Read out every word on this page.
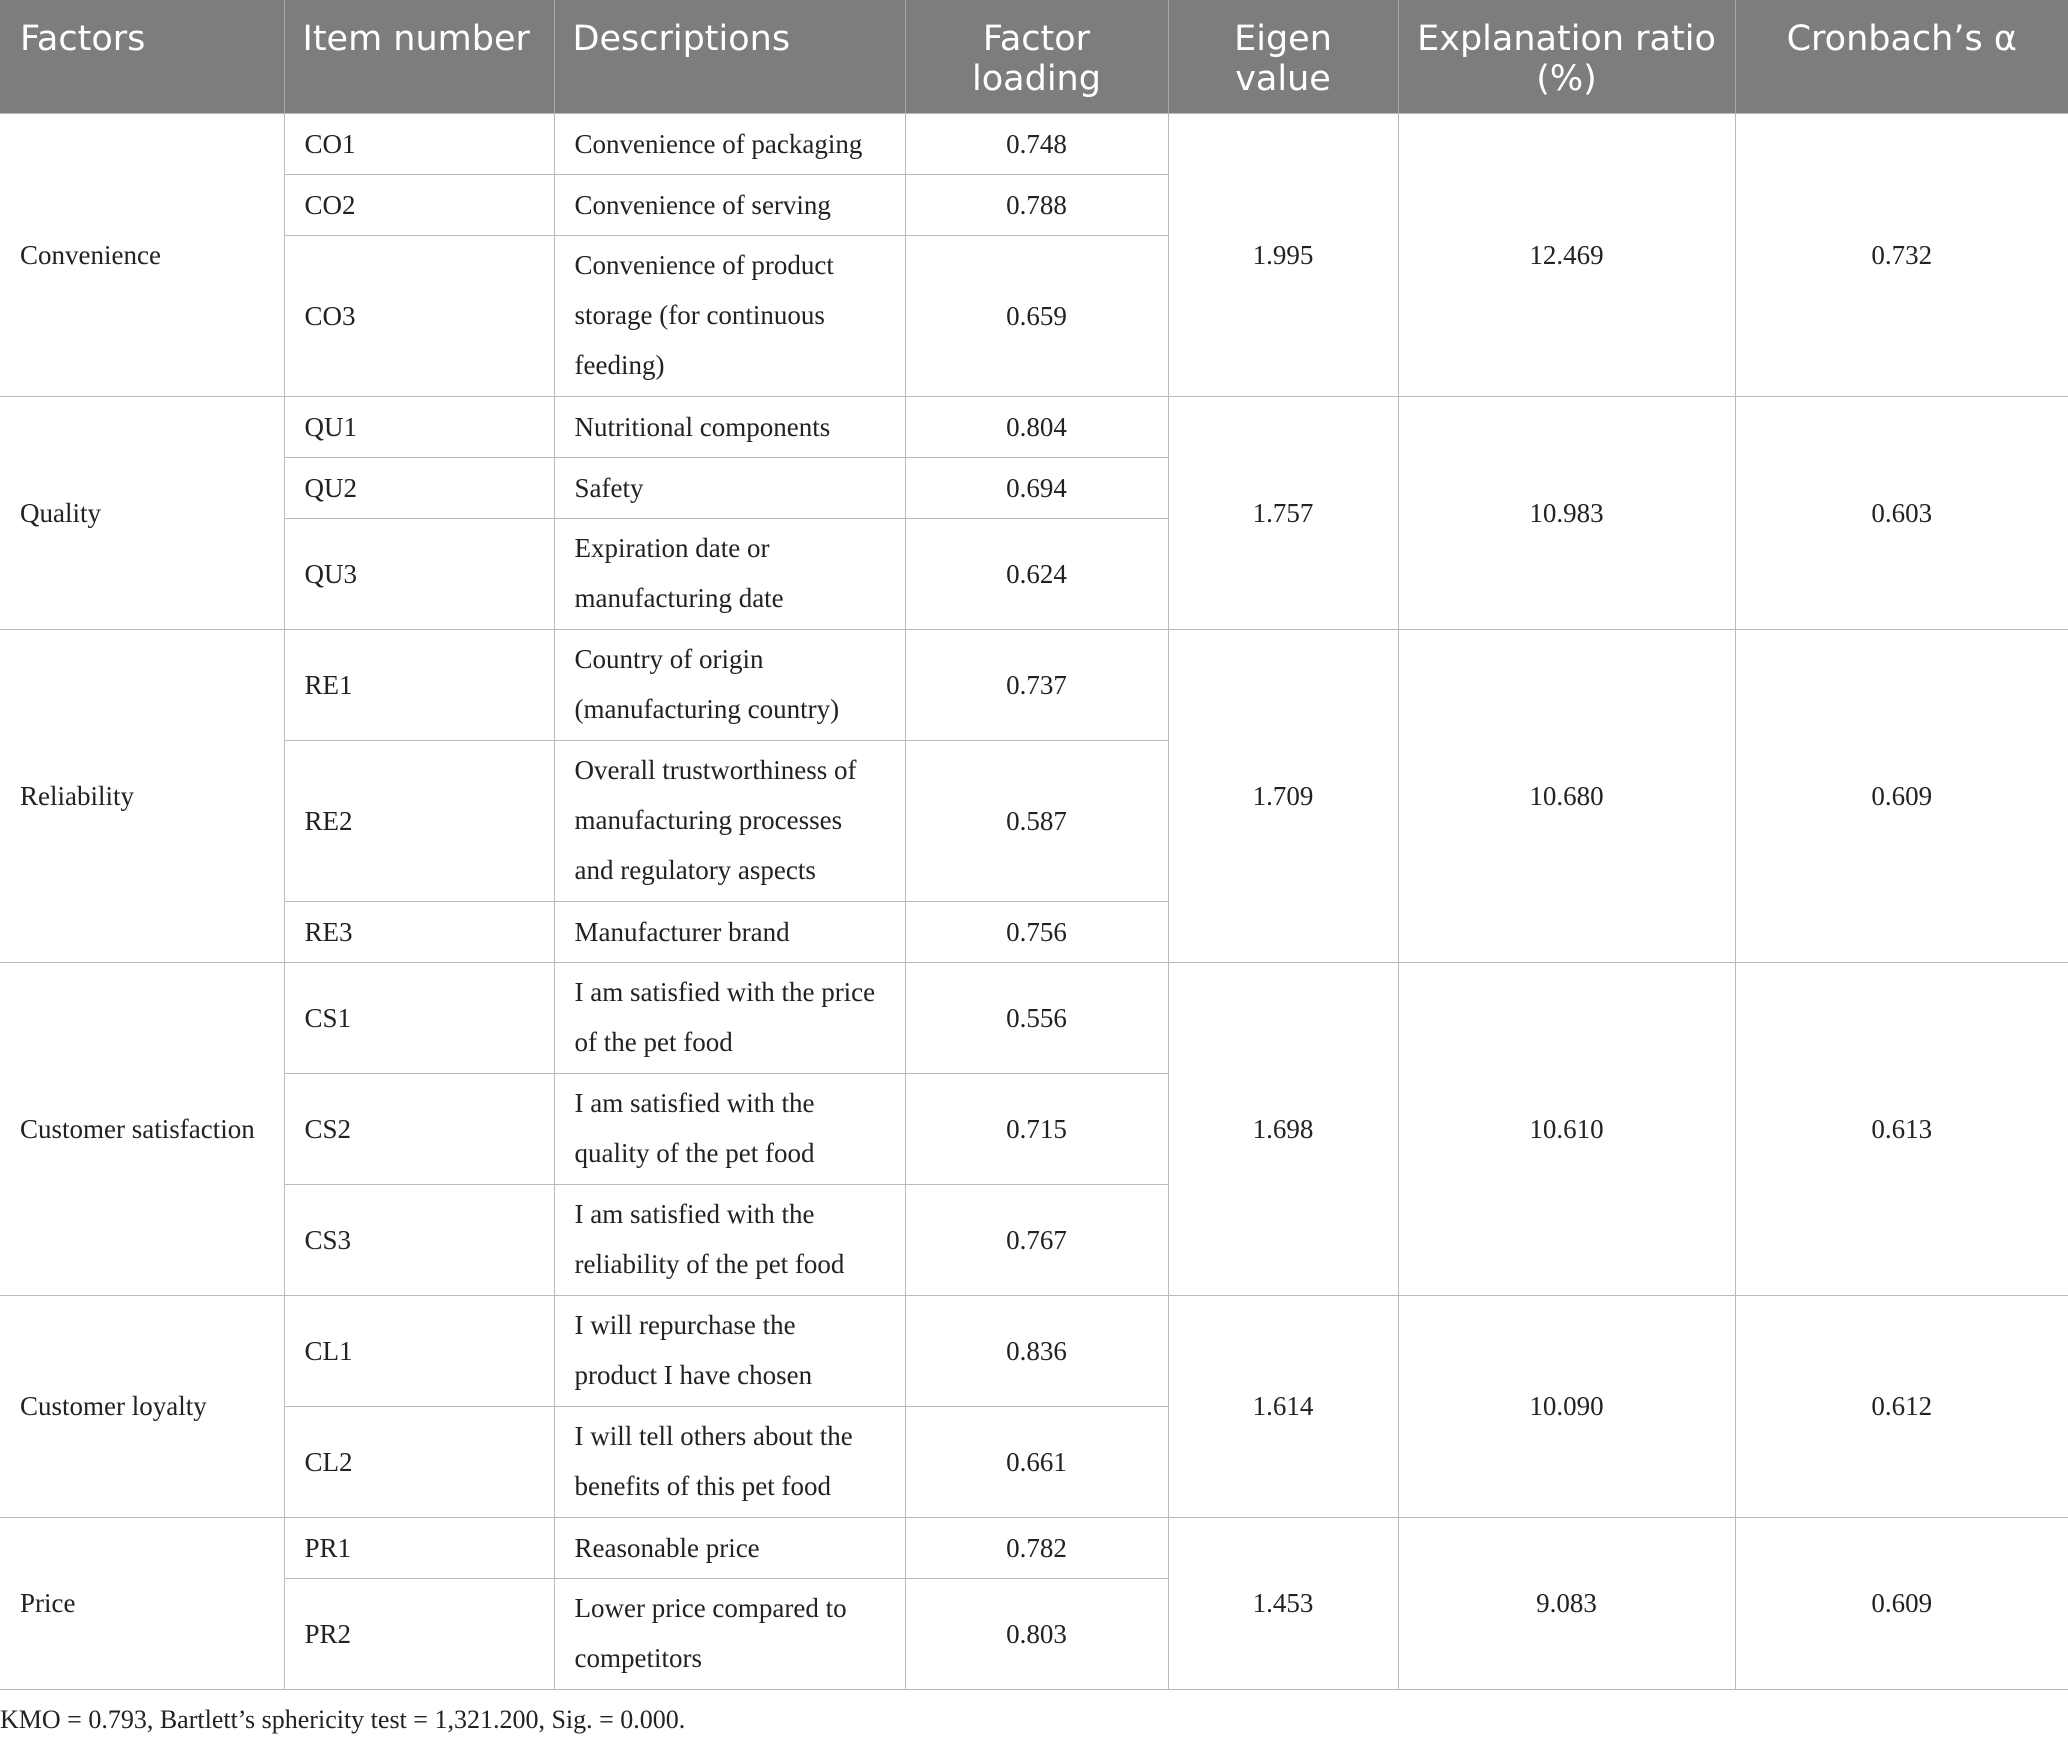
Factors	Item number	Descriptions	Factor loading	Eigen value	Explanation ratio (%)	Cronbach’s α
Convenience	CO1	Convenience of packaging	0.748	1.995	12.469	0.732
	CO2	Convenience of serving	0.788			
	CO3	Convenience of product storage (for continuous feeding)	0.659			
Quality	QU1	Nutritional components	0.804	1.757	10.983	0.603
	QU2	Safety	0.694			
	QU3	Expiration date or manufacturing date	0.624			
Reliability	RE1	Country of origin (manufacturing country)	0.737	1.709	10.680	0.609
	RE2	Overall trustworthiness of manufacturing processes and regulatory aspects	0.587			
	RE3	Manufacturer brand	0.756			
Customer satisfaction	CS1	I am satisfied with the price of the pet food	0.556	1.698	10.610	0.613
	CS2	I am satisfied with the quality of the pet food	0.715			
	CS3	I am satisfied with the reliability of the pet food	0.767			
Customer loyalty	CL1	I will repurchase the product I have chosen	0.836	1.614	10.090	0.612
	CL2	I will tell others about the benefits of this pet food	0.661			
Price	PR1	Reasonable price	0.782	1.453	9.083	0.609
	PR2	Lower price compared to competitors	0.803			
KMO = 0.793, Bartlett’s sphericity test = 1,321.200, Sig. = 0.000.
